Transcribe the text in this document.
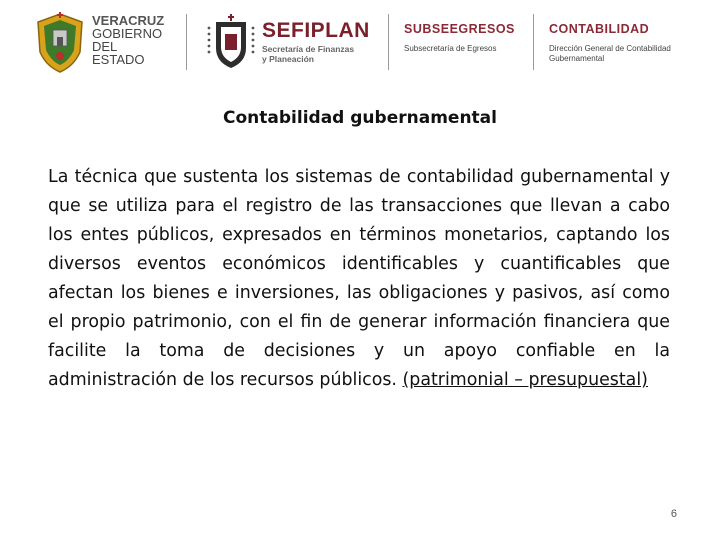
VERACRUZ
GOBIERNO
DEL ESTADO
SEFIPLAN
Secretaría de Finanzas
y Planeación
SUBSEEGRESOS
Subsecretaría de Egresos
CONTABILIDAD
Dirección General de Contabilidad
Gubernamental
Contabilidad gubernamental

La técnica que sustenta los sistemas de contabilidad gubernamental y que se utiliza para el registro de las transacciones que llevan a cabo los entes públicos, expresados en términos monetarios, captando los diversos eventos económicos identificables y cuantificables que afectan los bienes e inversiones, las obligaciones y pasivos, así como el propio patrimonio, con el fin de generar información financiera que facilite la toma de decisiones y un apoyo confiable en la administración de los recursos públicos. (patrimonial – presupuestal)

6
